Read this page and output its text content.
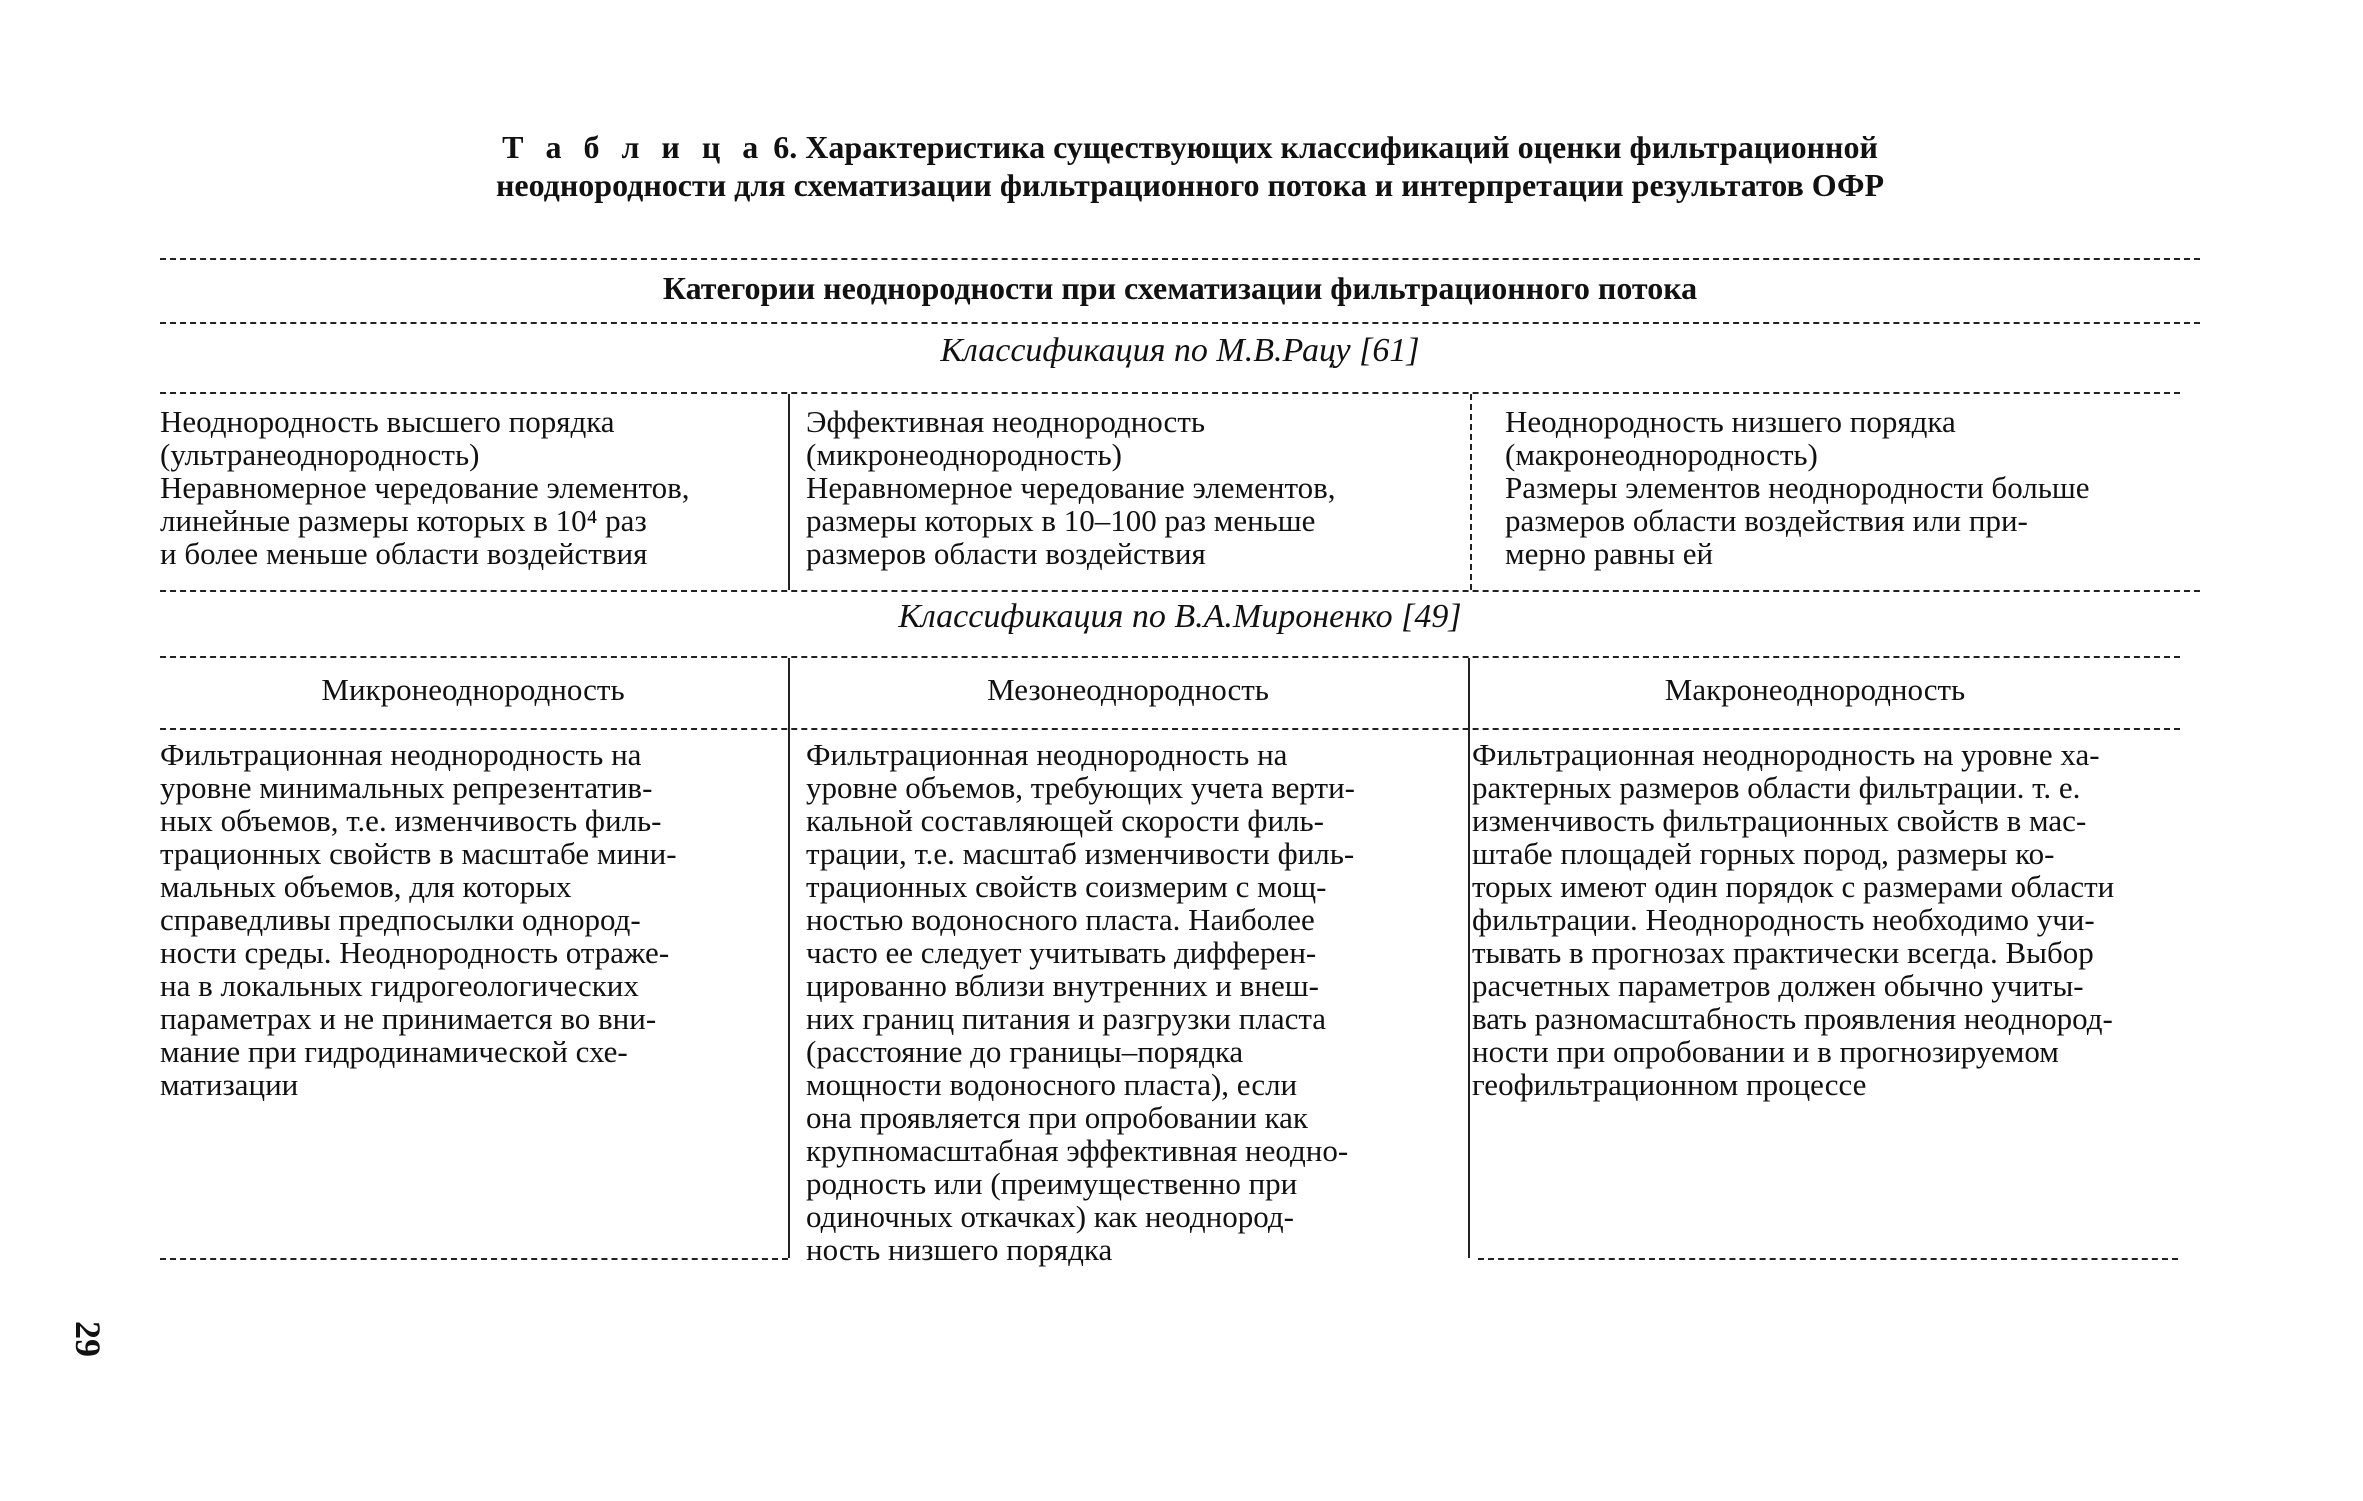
Т а б л и ц а 6. Характеристика существующих классификаций оценки фильтрационной
неоднородности для схематизации фильтрационного потока и интерпретации результатов ОФР
Категории неоднородности при схематизации фильтрационного потока
Классификация по М.В.Рацу [61]
Неоднородность высшего порядка
(ультранеоднородность)
Неравномерное чередование элементов,
линейные размеры которых в 10⁴ раз
и более меньше области воздействия
Эффективная неоднородность
(микронеоднородность)
Неравномерное чередование элементов,
размеры которых в 10–100 раз меньше
размеров области воздействия
Неоднородность низшего порядка
(макронеоднородность)
Размеры элементов неоднородности больше
размеров области воздействия или при-
мерно равны ей
Классификация по В.А.Мироненко [49]
Микронеоднородность	Мезонеоднородность	Макронеоднородность
Фильтрационная неоднородность на
уровне минимальных репрезентатив-
ных объемов, т.е. изменчивость филь-
трационных свойств в масштабе мини-
мальных объемов, для которых
справедливы предпосылки однород-
ности среды. Неоднородность отраже-
на в локальных гидрогеологических
параметрах и не принимается во вни-
мание при гидродинамической схе-
матизации
Фильтрационная неоднородность на
уровне объемов, требующих учета верти-
кальной составляющей скорости филь-
трации, т.е. масштаб изменчивости филь-
трационных свойств соизмерим с мощ-
ностью водоносного пласта. Наиболее
часто ее следует учитывать дифферен-
цированно вблизи внутренних и внеш-
них границ питания и разгрузки пласта
(расстояние до границы–порядка
мощности водоносного пласта), если
она проявляется при опробовании как
крупномасштабная эффективная неодно-
родность или (преимущественно при
одиночных откачках) как неоднород-
ность низшего порядка
Фильтрационная неоднородность на уровне ха-
рактерных размеров области фильтрации. т. е.
изменчивость фильтрационных свойств в мас-
штабе площадей горных пород, размеры ко-
торых имеют один порядок с размерами области
фильтрации. Неоднородность необходимо учи-
тывать в прогнозах практически всегда. Выбор
расчетных параметров должен обычно учиты-
вать разномасштабность проявления неоднород-
ности при опробовании и в прогнозируемом
геофильтрационном процессе
29
